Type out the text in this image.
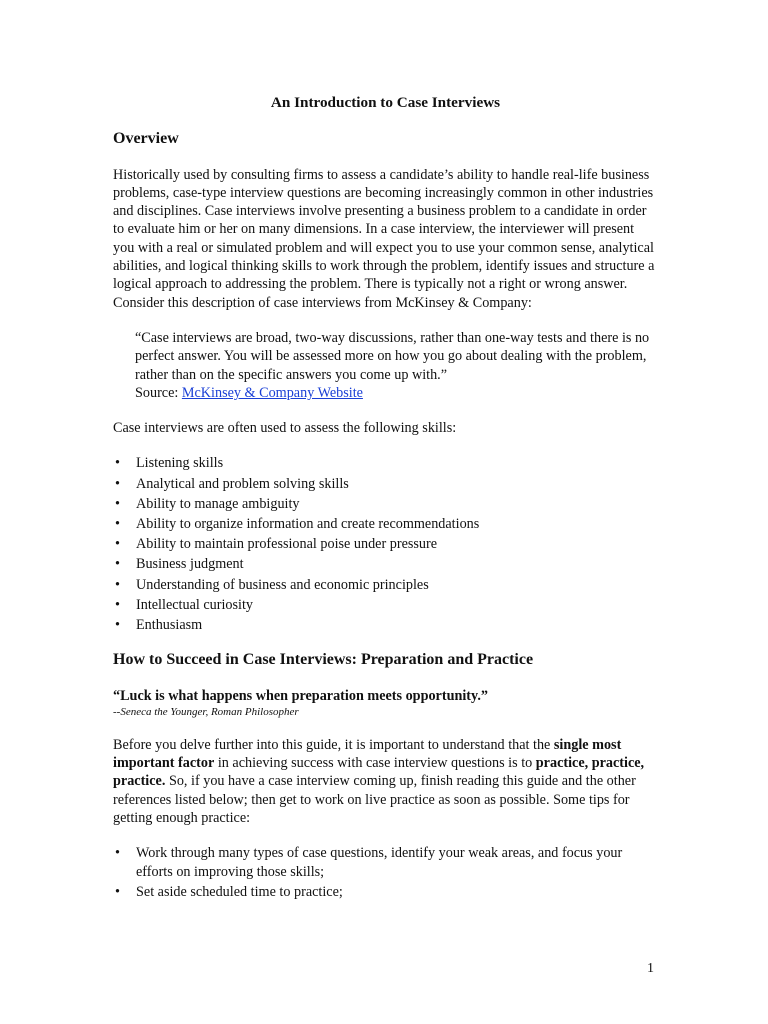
An Introduction to Case Interviews
Overview

Historically used by consulting firms to assess a candidate’s ability to handle real-life business problems, case-type interview questions are becoming increasingly common in other industries and disciplines. Case interviews involve presenting a business problem to a candidate in order to evaluate him or her on many dimensions. In a case interview, the interviewer will present you with a real or simulated problem and will expect you to use your common sense, analytical abilities, and logical thinking skills to work through the problem, identify issues and structure a logical approach to addressing the problem. There is typically not a right or wrong answer. Consider this description of case interviews from McKinsey & Company:

“Case interviews are broad, two-way discussions, rather than one-way tests and there is no perfect answer. You will be assessed more on how you go about dealing with the problem, rather than on the specific answers you come up with.”
Source: McKinsey & Company Website

Case interviews are often used to assess the following skills:

• Listening skills
• Analytical and problem solving skills
• Ability to manage ambiguity
• Ability to organize information and create recommendations
• Ability to maintain professional poise under pressure
• Business judgment
• Understanding of business and economic principles
• Intellectual curiosity
• Enthusiasm
How to Succeed in Case Interviews: Preparation and Practice

“Luck is what happens when preparation meets opportunity.”

--Seneca the Younger, Roman Philosopher

Before you delve further into this guide, it is important to understand that the single most important factor in achieving success with case interview questions is to practice, practice, practice. So, if you have a case interview coming up, finish reading this guide and the other references listed below; then get to work on live practice as soon as possible. Some tips for getting enough practice:

• Work through many types of case questions, identify your weak areas, and focus your efforts on improving those skills;
• Set aside scheduled time to practice;
1
